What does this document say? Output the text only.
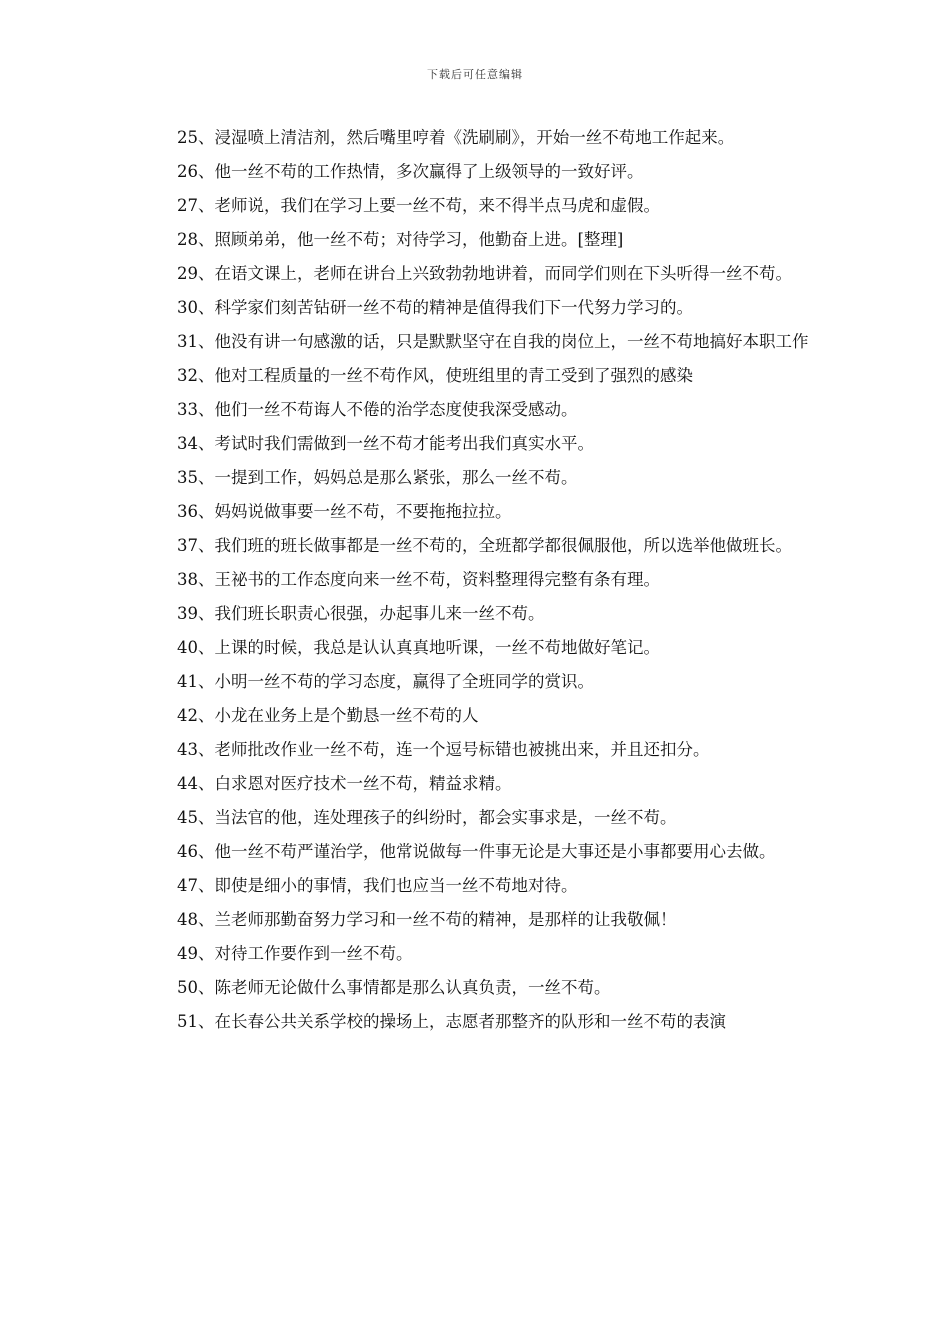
下载后可任意编辑

25、浸湿喷上清洁剂，然后嘴里哼着《洗刷刷》，开始一丝不苟地工作起来。

26、他一丝不苟的工作热情，多次赢得了上级领导的一致好评。

27、老师说，我们在学习上要一丝不苟，来不得半点马虎和虚假。

28、照顾弟弟，他一丝不苟；对待学习，他勤奋上进。[整理]

29、在语文课上，老师在讲台上兴致勃勃地讲着，而同学们则在下头听得一丝不苟。

30、科学家们刻苦钻研一丝不苟的精神是值得我们下一代努力学习的。

31、他没有讲一句感激的话，只是默默坚守在自我的岗位上，一丝不苟地搞好本职工作

32、他对工程质量的一丝不苟作风，使班组里的青工受到了强烈的感染

33、他们一丝不苟诲人不倦的治学态度使我深受感动。

34、考试时我们需做到一丝不苟才能考出我们真实水平。

35、一提到工作，妈妈总是那么紧张，那么一丝不苟。

36、妈妈说做事要一丝不苟，不要拖拖拉拉。

37、我们班的班长做事都是一丝不苟的，全班都学都很佩服他，所以选举他做班长。

38、王祕书的工作态度向来一丝不苟，资料整理得完整有条有理。

39、我们班长职责心很强，办起事儿来一丝不苟。

40、上课的时候，我总是认认真真地听课，一丝不苟地做好笔记。

41、小明一丝不苟的学习态度，赢得了全班同学的赏识。

42、小龙在业务上是个勤恳一丝不苟的人

43、老师批改作业一丝不苟，连一个逗号标错也被挑出来，并且还扣分。

44、白求恩对医疗技术一丝不苟，精益求精。

45、当法官的他，连处理孩子的纠纷时，都会实事求是，一丝不苟。

46、他一丝不苟严谨治学，他常说做每一件事无论是大事还是小事都要用心去做。

47、即使是细小的事情，我们也应当一丝不苟地对待。

48、兰老师那勤奋努力学习和一丝不苟的精神，是那样的让我敬佩！

49、对待工作要作到一丝不苟。

50、陈老师无论做什么事情都是那么认真负责，一丝不苟。

51、在长春公共关系学校的操场上，志愿者那整齐的队形和一丝不苟的表演
